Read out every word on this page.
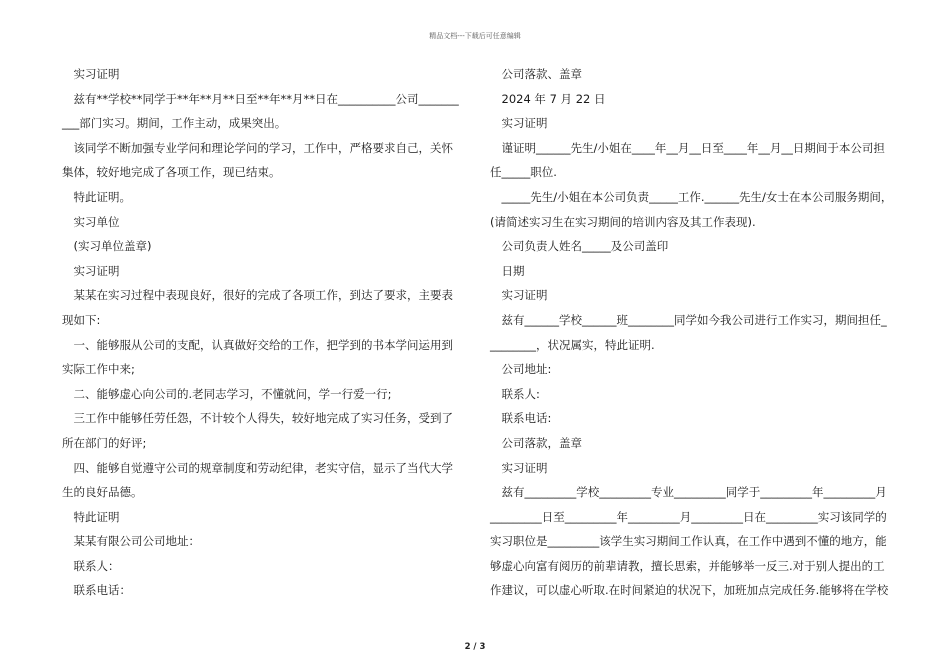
精品文档---下载后可任意编辑
　实习证明
　兹有**学校**同学于**年**月**日至**年**月**日在__________公司_______
___部门实习。期间，工作主动，成果突出。
　该同学不断加强专业学问和理论学问的学习，工作中，严格要求自己，关怀
集体，较好地完成了各项工作，现已结束。
　特此证明。
　实习单位
　(实习单位盖章)
　实习证明
　某某在实习过程中表现良好，很好的完成了各项工作，到达了要求，主要表
现如下:
　一、能够服从公司的支配，认真做好交给的工作，把学到的书本学问运用到
实际工作中来;
　二、能够虚心向公司的.老同志学习，不懂就问，学一行爱一行;
　三工作中能够任劳任怨，不计较个人得失，较好地完成了实习任务，受到了
所在部门的好评;
　四、能够自觉遵守公司的规章制度和劳动纪律，老实守信，显示了当代大学
生的良好品德。
　特此证明
　某某有限公司公司地址：
　联系人：
　联系电话：
　公司落款、盖章
　2024 年 7 月 22 日
　实习证明
　谨证明______先生/小姐在____年__月__日至____年__月__日期间于本公司担
任_____职位.
　_____先生/小姐在本公司负责_____工作.______先生/女士在本公司服务期间，
(请简述实习生在实习期间的培训内容及其工作表现).
　公司负责人姓名_____及公司盖印
　日期
　实习证明
　兹有______学校______班________同学如今我公司进行工作实习，期间担任_
________，状况属实，特此证明.
　公司地址:
　联系人:
　联系电话:
　公司落款，盖章
　实习证明
　兹有_________学校_________专业_________同学于_________年_________月
_________日至_________年_________月_________日在_________实习该同学的
实习职位是_________该学生实习期间工作认真，在工作中遇到不懂的地方，能
够虚心向富有阅历的前辈请教，擅长思索，并能够举一反三.对于别人提出的工
作建议，可以虚心听取.在时间紧迫的状况下，加班加点完成任务.能够将在学校
2 / 3
